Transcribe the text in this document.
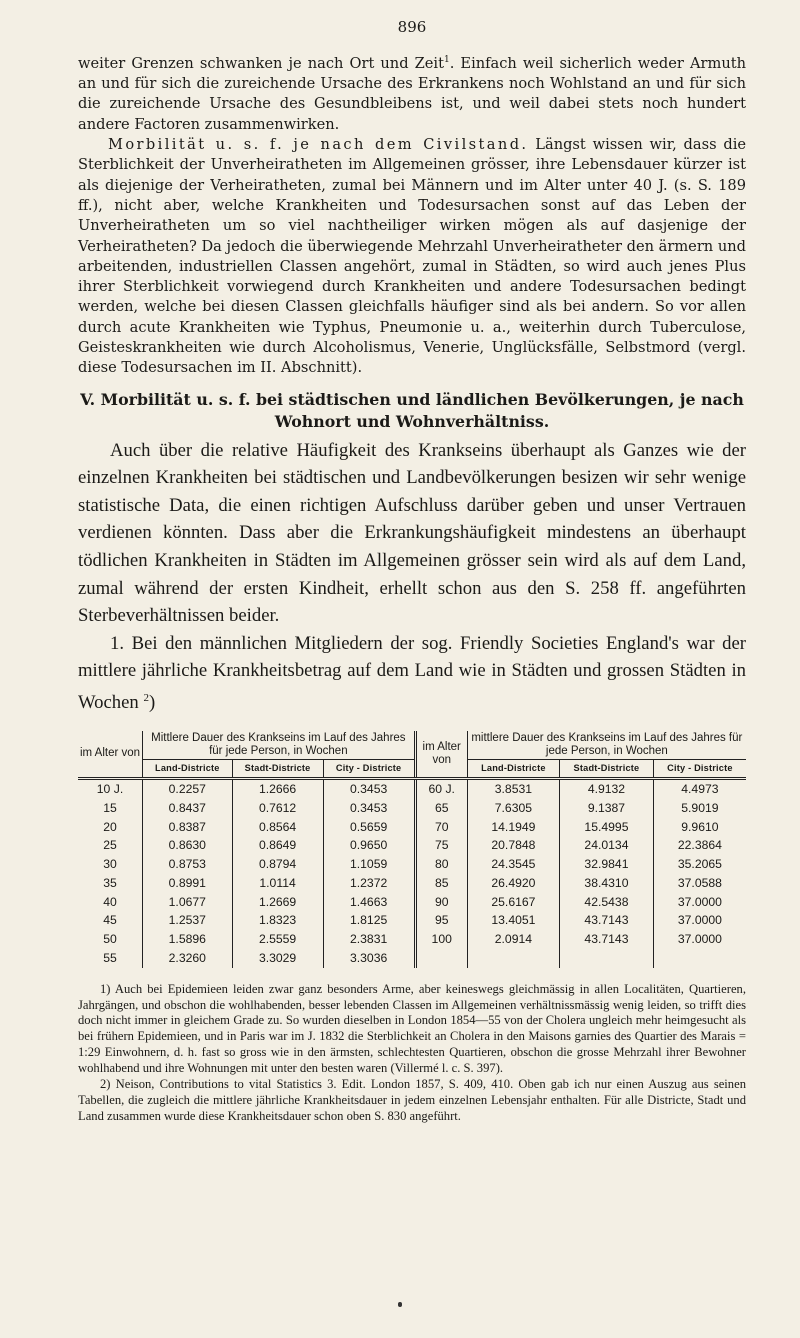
896

weiter Grenzen schwanken je nach Ort und Zeit$^1$. Einfach weil sicherlich weder Armuth an und für sich die zureichende Ursache des Erkrankens noch Wohlstand an und für sich die zureichende Ursache des Gesundbleibens ist, und weil dabei stets noch hundert andere Factoren zusammenwirken.

Morbilität u. s. f. je nach dem Civilstand. Längst wissen wir, dass die Sterblichkeit der Unverheiratheten im Allgemeinen grösser, ihre Lebensdauer kürzer ist als diejenige der Verheiratheten, zumal bei Männern und im Alter unter 40 J. (s. S. 189 ff.), nicht aber, welche Krankheiten und Todesursachen sonst auf das Leben der Unverheiratheten um so viel nachtheiliger wirken mögen als auf dasjenige der Verheiratheten? Da jedoch die überwiegende Mehrzahl Unverheiratheter den ärmern und arbeitenden, industriellen Classen angehört, zumal in Städten, so wird auch jenes Plus ihrer Sterblichkeit vorwiegend durch Krankheiten und andere Todesursachen bedingt werden, welche bei diesen Classen gleichfalls häufiger sind als bei andern. So vor allen durch acute Krankheiten wie Typhus, Pneumonie u. a., weiterhin durch Tuberculose, Geisteskrankheiten wie durch Alcoholismus, Venerie, Unglücksfälle, Selbstmord (vergl. diese Todesursachen im II. Abschnitt).

V. Morbilität u. s. f. bei städtischen und ländlichen Bevölkerungen, je nach Wohnort und Wohnverhältniss.

Auch über die relative Häufigkeit des Krankseins überhaupt als Ganzes wie der einzelnen Krankheiten bei städtischen und Landbevölkerungen besizen wir sehr wenige statistische Data, die einen richtigen Aufschluss darüber geben und unser Vertrauen verdienen könnten. Dass aber die Erkrankungshäufigkeit mindestens an überhaupt tödlichen Krankheiten in Städten im Allgemeinen grösser sein wird als auf dem Land, zumal während der ersten Kindheit, erhellt schon aus den S. 258 ff. angeführten Sterbeverhältnissen beider.

1. Bei den männlichen Mitgliedern der sog. Friendly Societies England's war der mittlere jährliche Krankheitsbetrag auf dem Land wie in Städten und grossen Städten in Wochen $^2$)

im Alter von	Mittlere Dauer des Krankseins im Lauf des Jahres für jede Person, in Wochen			im Alter von	mittlere Dauer des Krankseins im Lauf des Jahres für jede Person, in Wochen		
	Land-Districte	Stadt-Districte	City - Districte		Land-Districte	Stadt-Districte	City - Districte
10 J.	0.2257	1.2666	0.3453	60 J.	3.8531	4.9132	4.4973
15	0.8437	0.7612	0.3453	65	7.6305	9.1387	5.9019
20	0.8387	0.8564	0.5659	70	14.1949	15.4995	9.9610
25	0.8630	0.8649	0.9650	75	20.7848	24.0134	22.3864
30	0.8753	0.8794	1.1059	80	24.3545	32.9841	35.2065
35	0.8991	1.0114	1.2372	85	26.4920	38.4310	37.0588
40	1.0677	1.2669	1.4663	90	25.6167	42.5438	37.0000
45	1.2537	1.8323	1.8125	95	13.4051	43.7143	37.0000
50	1.5896	2.5559	2.3831	100	2.0914	43.7143	37.0000
55	2.3260	3.3029	3.3036				

1) Auch bei Epidemieen leiden zwar ganz besonders Arme, aber keineswegs gleichmässig in allen Localitäten, Quartieren, Jahrgängen, und obschon die wohlhabenden, besser lebenden Classen im Allgemeinen verhältnissmässig wenig leiden, so trifft dies doch nicht immer in gleichem Grade zu. So wurden dieselben in London 1854—55 von der Cholera ungleich mehr heimgesucht als bei frühern Epidemieen, und in Paris war im J. 1832 die Sterblichkeit an Cholera in den Maisons garnies des Quartier des Marais = 1:29 Einwohnern, d. h. fast so gross wie in den ärmsten, schlechtesten Quartieren, obschon die grosse Mehrzahl ihrer Bewohner wohlhabend und ihre Wohnungen mit unter den besten waren (Villermé l. c. S. 397).

2) Neison, Contributions to vital Statistics 3. Edit. London 1857, S. 409, 410. Oben gab ich nur einen Auszug aus seinen Tabellen, die zugleich die mittlere jährliche Krankheitsdauer in jedem einzelnen Lebensjahr enthalten. Für alle Districte, Stadt und Land zusammen wurde diese Krankheitsdauer schon oben S. 830 angeführt.
